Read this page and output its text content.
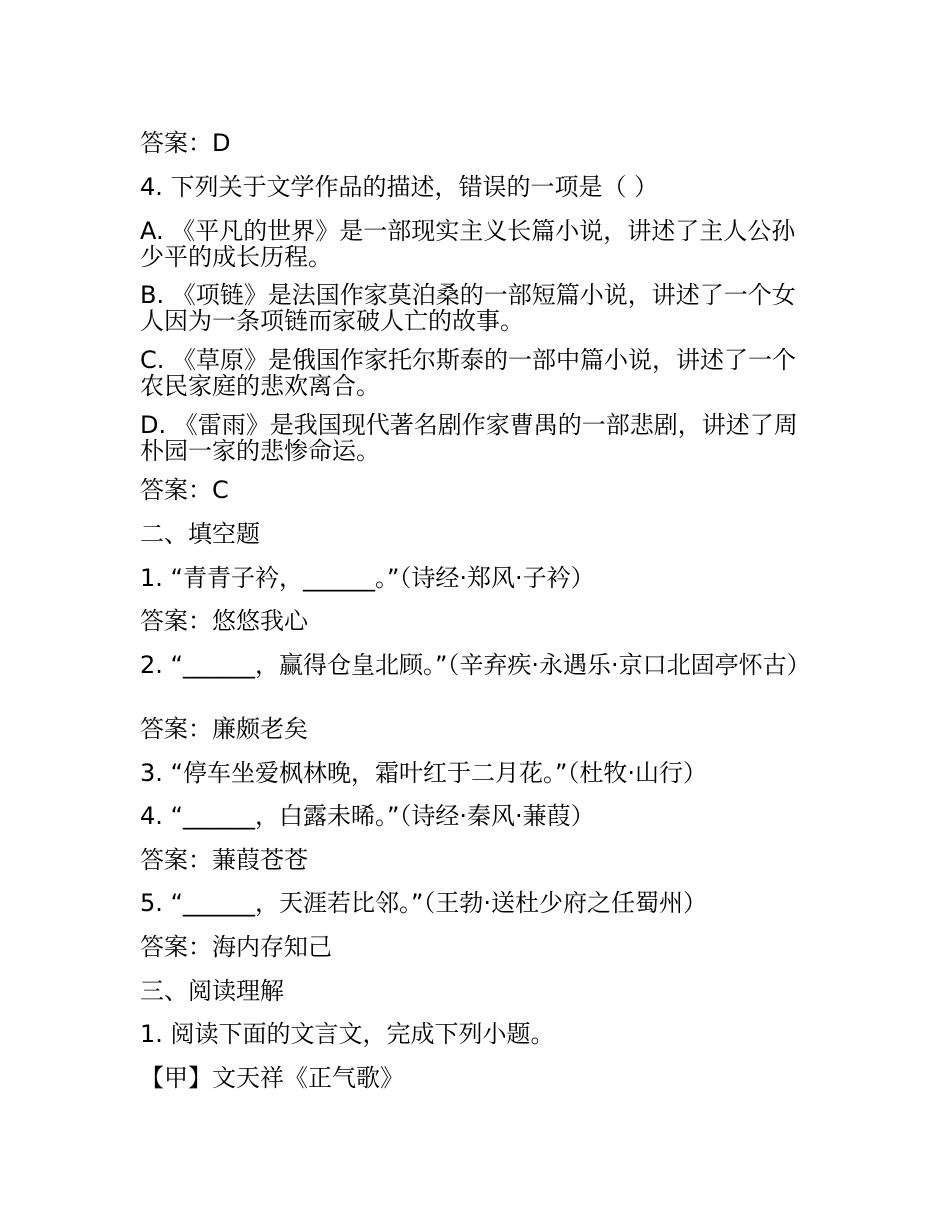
答案：D

4. 下列关于文学作品的描述，错误的一项是（ ）

A. 《平凡的世界》是一部现实主义长篇小说，讲述了主人公孙少平的成长历程。

B. 《项链》是法国作家莫泊桑的一部短篇小说，讲述了一个女人因为一条项链而家破人亡的故事。

C. 《草原》是俄国作家托尔斯泰的一部中篇小说，讲述了一个农民家庭的悲欢离合。

D. 《雷雨》是我国现代著名剧作家曹禺的一部悲剧，讲述了周朴园一家的悲惨命运。

答案：C

二、填空题

1. “青青子衿，______。”（诗经·郑风·子衿）

答案：悠悠我心

2. “______，赢得仓皇北顾。”（辛弃疾·永遇乐·京口北固亭怀古）

答案：廉颇老矣

3. “停车坐爱枫林晚，霜叶红于二月花。”（杜牧·山行）

4. “______，白露未晞。”（诗经·秦风·蒹葭）

答案：蒹葭苍苍

5. “______，天涯若比邻。”（王勃·送杜少府之任蜀州）

答案：海内存知己

三、阅读理解

1. 阅读下面的文言文，完成下列小题。

【甲】文天祥《正气歌》
